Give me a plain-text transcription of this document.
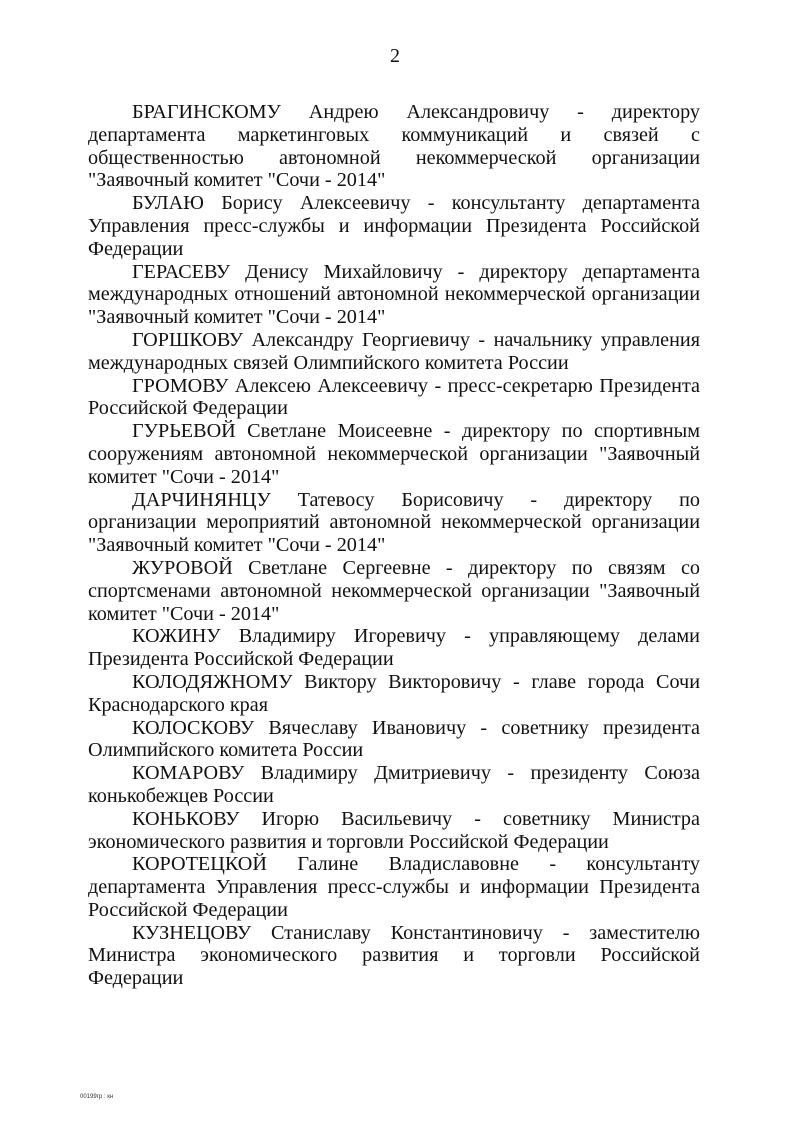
2

БРАГИНСКОМУ Андрею Александровичу - директору департамента маркетинговых коммуникаций и связей с общественностью автономной некоммерческой организации "Заявочный комитет "Сочи - 2014"

БУЛАЮ Борису Алексеевичу - консультанту департамента Управления пресс-службы и информации Президента Российской Федерации

ГЕРАСЕВУ Денису Михайловичу - директору департамента международных отношений автономной некоммерческой организации "Заявочный комитет "Сочи - 2014"

ГОРШКОВУ Александру Георгиевичу - начальнику управления международных связей Олимпийского комитета России

ГРОМОВУ Алексею Алексеевичу - пресс-секретарю Президента Российской Федерации

ГУРЬЕВОЙ Светлане Моисеевне - директору по спортивным сооружениям автономной некоммерческой организации "Заявочный комитет "Сочи - 2014"

ДАРЧИНЯНЦУ Татевосу Борисовичу - директору по организации мероприятий автономной некоммерческой организации "Заявочный комитет "Сочи - 2014"

ЖУРОВОЙ Светлане Сергеевне - директору по связям со спортсменами автономной некоммерческой организации "Заявочный комитет "Сочи - 2014"

КОЖИНУ Владимиру Игоревичу - управляющему делами Президента Российской Федерации

КОЛОДЯЖНОМУ Виктору Викторовичу - главе города Сочи Краснодарского края

КОЛОСКОВУ Вячеславу Ивановичу - советнику президента Олимпийского комитета России

КОМАРОВУ Владимиру Дмитриевичу - президенту Союза конькобежцев России

КОНЬКОВУ Игорю Васильевичу - советнику Министра экономического развития и торговли Российской Федерации

КОРОТЕЦКОЙ Галине Владиславовне - консультанту департамента Управления пресс-службы и информации Президента Российской Федерации

КУЗНЕЦОВУ Станиславу Константиновичу - заместителю Министра экономического развития и торговли Российской Федерации

00199гр : кн
